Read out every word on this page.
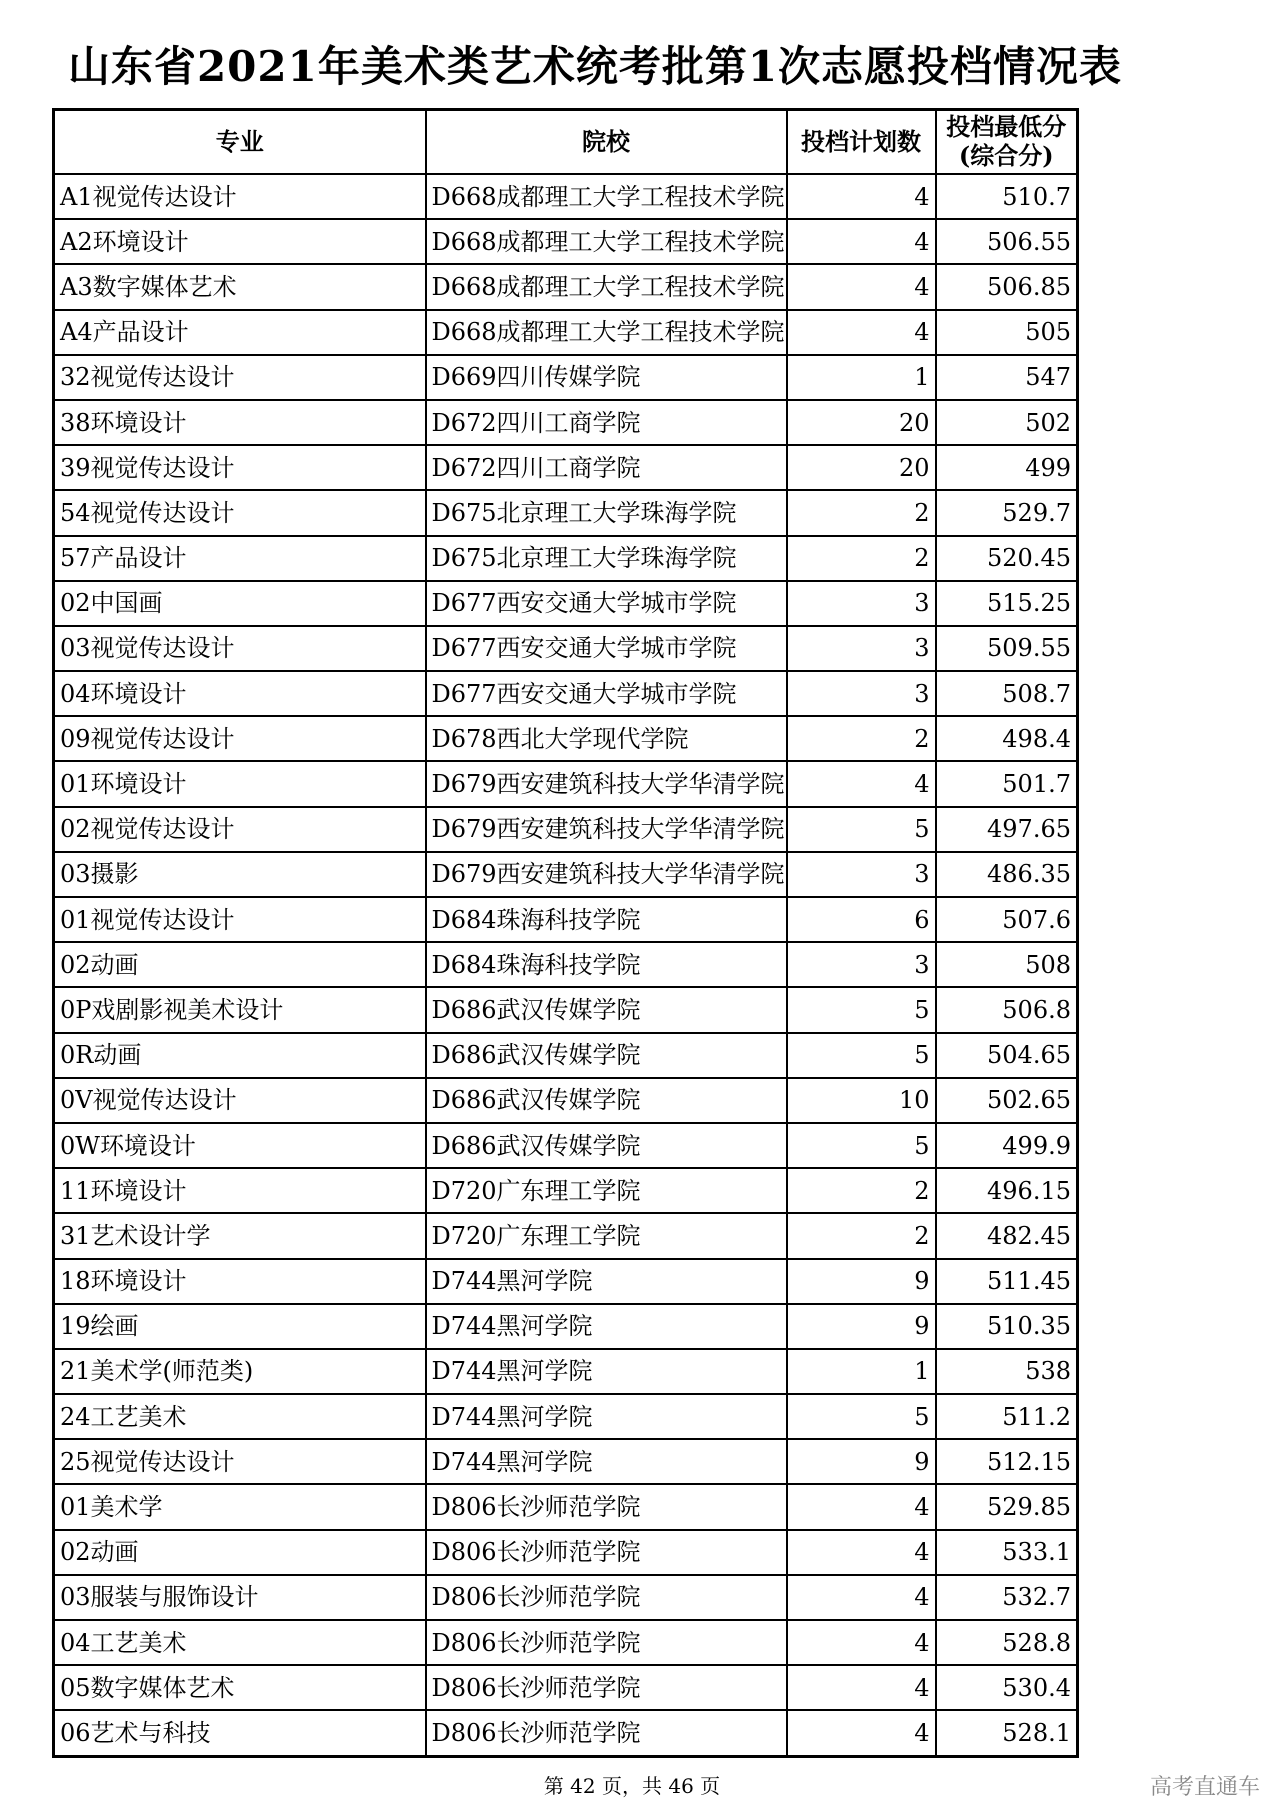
山东省2021年美术类艺术统考批第1次志愿投档情况表
专业	院校	投档计划数	投档最低分
(综合分)

A1视觉传达设计	D668成都理工大学工程技术学院	4	510.7
A2环境设计	D668成都理工大学工程技术学院	4	506.55
A3数字媒体艺术	D668成都理工大学工程技术学院	4	506.85
A4产品设计	D668成都理工大学工程技术学院	4	505
32视觉传达设计	D669四川传媒学院	1	547
38环境设计	D672四川工商学院	20	502
39视觉传达设计	D672四川工商学院	20	499
54视觉传达设计	D675北京理工大学珠海学院	2	529.7
57产品设计	D675北京理工大学珠海学院	2	520.45
02中国画	D677西安交通大学城市学院	3	515.25
03视觉传达设计	D677西安交通大学城市学院	3	509.55
04环境设计	D677西安交通大学城市学院	3	508.7
09视觉传达设计	D678西北大学现代学院	2	498.4
01环境设计	D679西安建筑科技大学华清学院	4	501.7
02视觉传达设计	D679西安建筑科技大学华清学院	5	497.65
03摄影	D679西安建筑科技大学华清学院	3	486.35
01视觉传达设计	D684珠海科技学院	6	507.6
02动画	D684珠海科技学院	3	508
0P戏剧影视美术设计	D686武汉传媒学院	5	506.8
0R动画	D686武汉传媒学院	5	504.65
0V视觉传达设计	D686武汉传媒学院	10	502.65
0W环境设计	D686武汉传媒学院	5	499.9
11环境设计	D720广东理工学院	2	496.15
31艺术设计学	D720广东理工学院	2	482.45
18环境设计	D744黑河学院	9	511.45
19绘画	D744黑河学院	9	510.35
21美术学(师范类)	D744黑河学院	1	538
24工艺美术	D744黑河学院	5	511.2
25视觉传达设计	D744黑河学院	9	512.15
01美术学	D806长沙师范学院	4	529.85
02动画	D806长沙师范学院	4	533.1
03服装与服饰设计	D806长沙师范学院	4	532.7
04工艺美术	D806长沙师范学院	4	528.8
05数字媒体艺术	D806长沙师范学院	4	530.4
06艺术与科技	D806长沙师范学院	4	528.1
第 42 页，共 46 页	高考直通车
